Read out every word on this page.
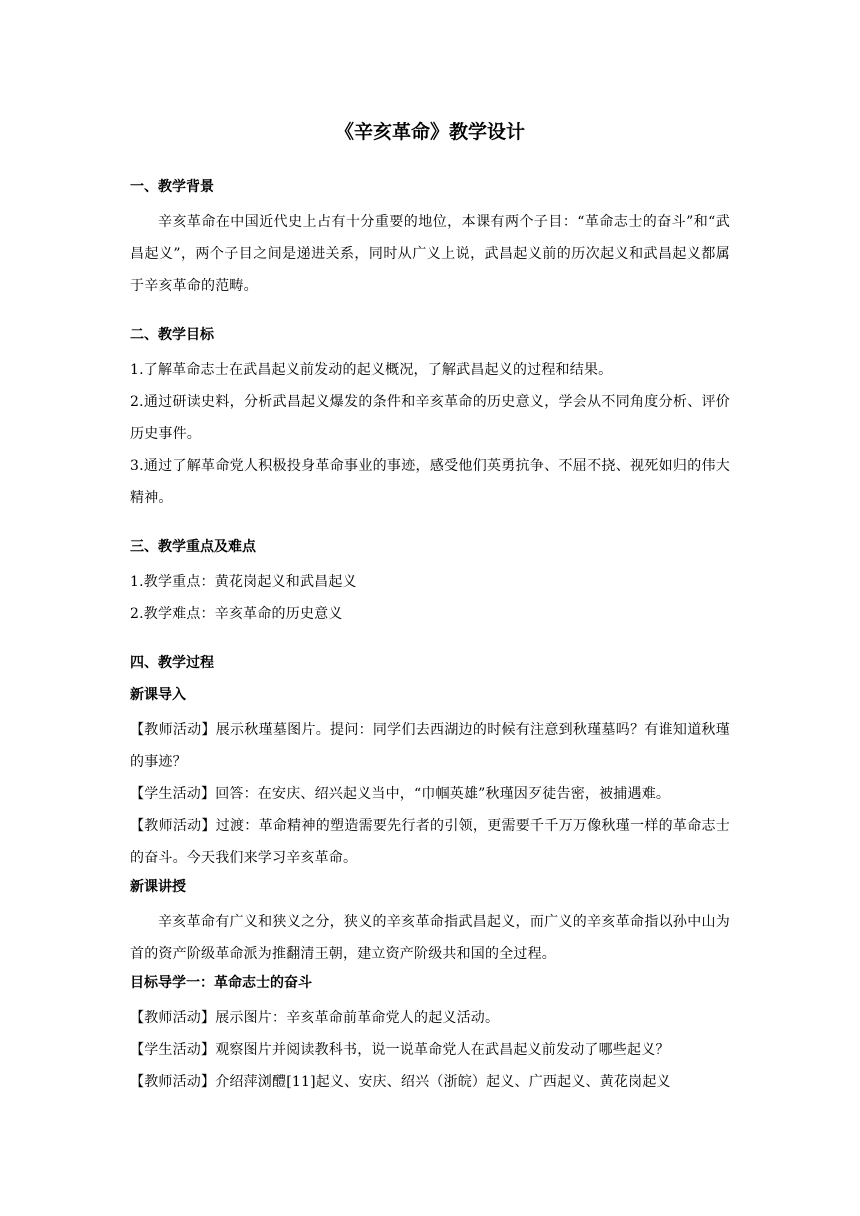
《辛亥革命》教学设计

一、教学背景

辛亥革命在中国近代史上占有十分重要的地位，本课有两个子目：“革命志士的奋斗”和“武昌起义”，两个子目之间是递进关系，同时从广义上说，武昌起义前的历次起义和武昌起义都属于辛亥革命的范畴。

二、教学目标

1.了解革命志士在武昌起义前发动的起义概况，了解武昌起义的过程和结果。

2.通过研读史料，分析武昌起义爆发的条件和辛亥革命的历史意义，学会从不同角度分析、评价历史事件。

3.通过了解革命党人积极投身革命事业的事迹，感受他们英勇抗争、不屈不挠、视死如归的伟大精神。

三、教学重点及难点

1.教学重点：黄花岗起义和武昌起义

2.教学难点：辛亥革命的历史意义

四、教学过程

新课导入

【教师活动】展示秋瑾墓图片。提问：同学们去西湖边的时候有注意到秋瑾墓吗？有谁知道秋瑾的事迹？

【学生活动】回答：在安庆、绍兴起义当中，“巾帼英雄”秋瑾因歹徒告密，被捕遇难。

【教师活动】过渡：革命精神的塑造需要先行者的引领，更需要千千万万像秋瑾一样的革命志士的奋斗。今天我们来学习辛亥革命。

新课讲授

辛亥革命有广义和狭义之分，狭义的辛亥革命指武昌起义，而广义的辛亥革命指以孙中山为首的资产阶级革命派为推翻清王朝，建立资产阶级共和国的全过程。

目标导学一：革命志士的奋斗

【教师活动】展示图片：辛亥革命前革命党人的起义活动。

【学生活动】观察图片并阅读教科书，说一说革命党人在武昌起义前发动了哪些起义？

【教师活动】介绍萍浏醴[11]起义、安庆、绍兴（浙皖）起义、广西起义、黄花岗起义
